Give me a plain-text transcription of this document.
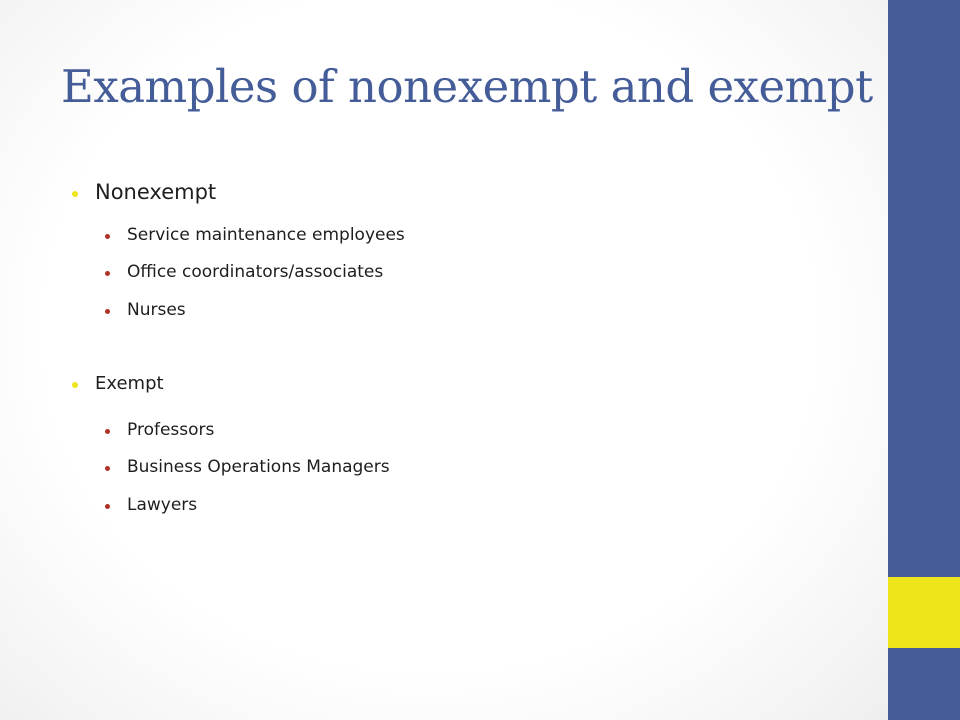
Examples of nonexempt and exempt
Nonexempt
Service maintenance employees
Office coordinators/associates
Nurses
Exempt
Professors
Business Operations Managers
Lawyers
